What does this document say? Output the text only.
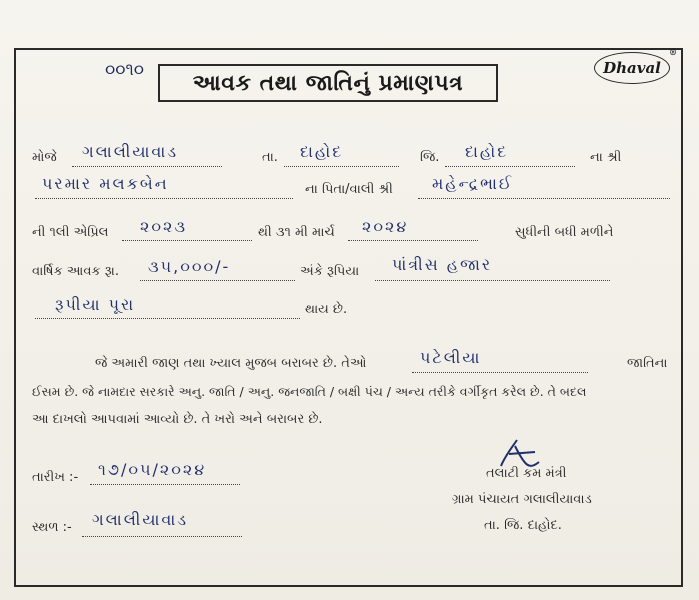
૦૦૧૦
આવક તથા જાતિનું પ્રમાણપત્ર
Dhaval
®
મોજે ગલાલીયાવાડ	તા. દાહોદ	જિ. દાહોદ	ના શ્રી
પરમાર મલકબેન	ના પિતા/વાલી શ્રી મહેન્દ્રભાઈ
ની ૧લી એપ્રિલ ૨૦૨૩	થી ૩૧ મી માર્ચ ૨૦૨૪	સુધીની બધી મળીને
વાર્ષિક આવક રૂા. ૩૫,૦૦૦/-	અંકે રૂપિયા પાંત્રીસ હજાર
રૂપીયા પૂરા	થાય છે.
જે અમારી જાણ તથા ખ્યાલ મુજબ બરાબર છે. તેઓ	પટેલીયા	જાતિના
ઈસમ છે. જે નામદાર સરકારે અનુ. જાતિ / અનુ. જનજાતિ / બક્ષી પંચ / અન્ય તરીકે વર્ગીકૃત કરેલ છે. તે બદલ
આ દાખલો આપવામાં આવ્યો છે. તે ખરો અને બરાબર છે.
તારીખ :- ૧૭/૦૫/૨૦૨૪
સ્થળ :- ગલાલીયાવાડ
તલાટી કમ મંત્રી
ગ્રામ પંચાયત ગલાલીયાવાડ
તા. જિ. દાહોદ.
